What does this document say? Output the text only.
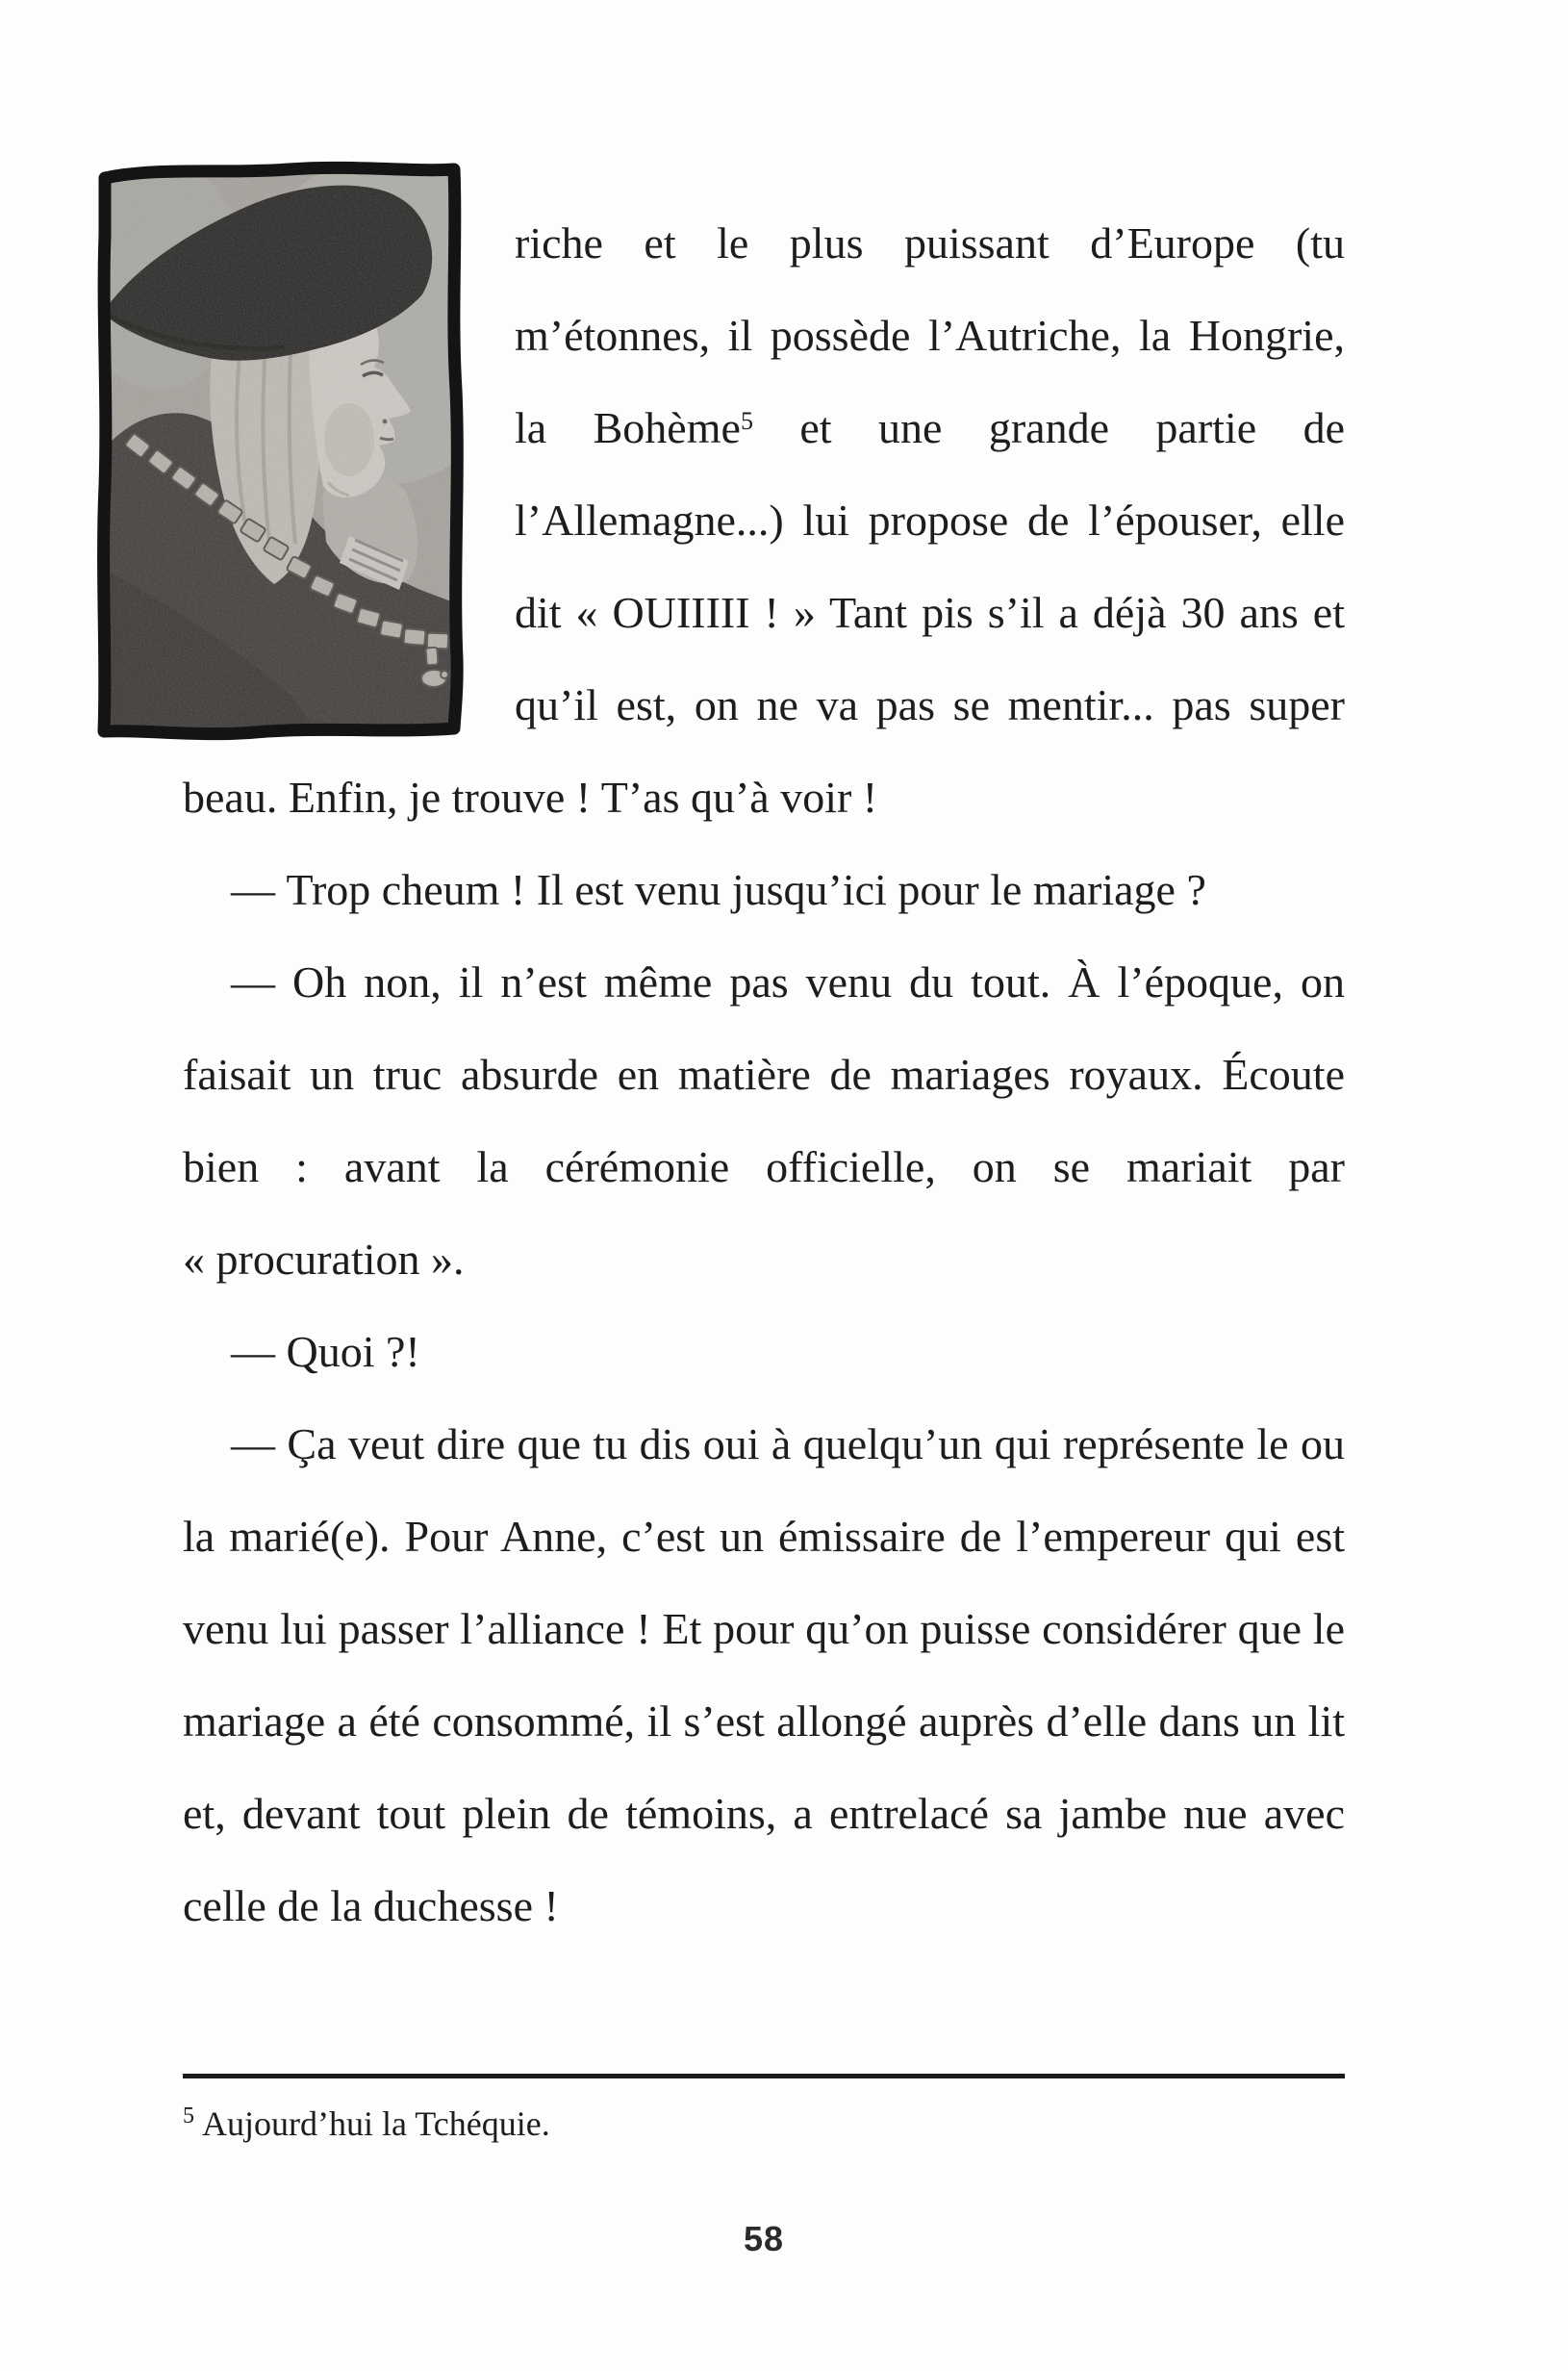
riche et le plus puissant d’Europe (tu m’étonnes, il possède l’Autriche, la Hongrie, la Bohème$^5$ et une grande partie de l’Allemagne...) lui propose de l’épouser, elle dit « OUIIIII ! » Tant pis s’il a déjà 30 ans et qu’il est, on ne va pas se mentir... pas super beau. Enfin, je trouve ! T’as qu’à voir !

— Trop cheum ! Il est venu jusqu’ici pour le mariage ?

— Oh non, il n’est même pas venu du tout. À l’époque, on faisait un truc absurde en matière de mariages royaux. Écoute bien : avant la cérémonie officielle, on se mariait par « procuration ».

— Quoi ?!

— Ça veut dire que tu dis oui à quelqu’un qui représente le ou la marié(e). Pour Anne, c’est un émissaire de l’empereur qui est venu lui passer l’alliance ! Et pour qu’on puisse considérer que le mariage a été consommé, il s’est allongé auprès d’elle dans un lit et, devant tout plein de témoins, a entrelacé sa jambe nue avec celle de la duchesse !

$^5$ Aujourd’hui la Tchéquie.
58
